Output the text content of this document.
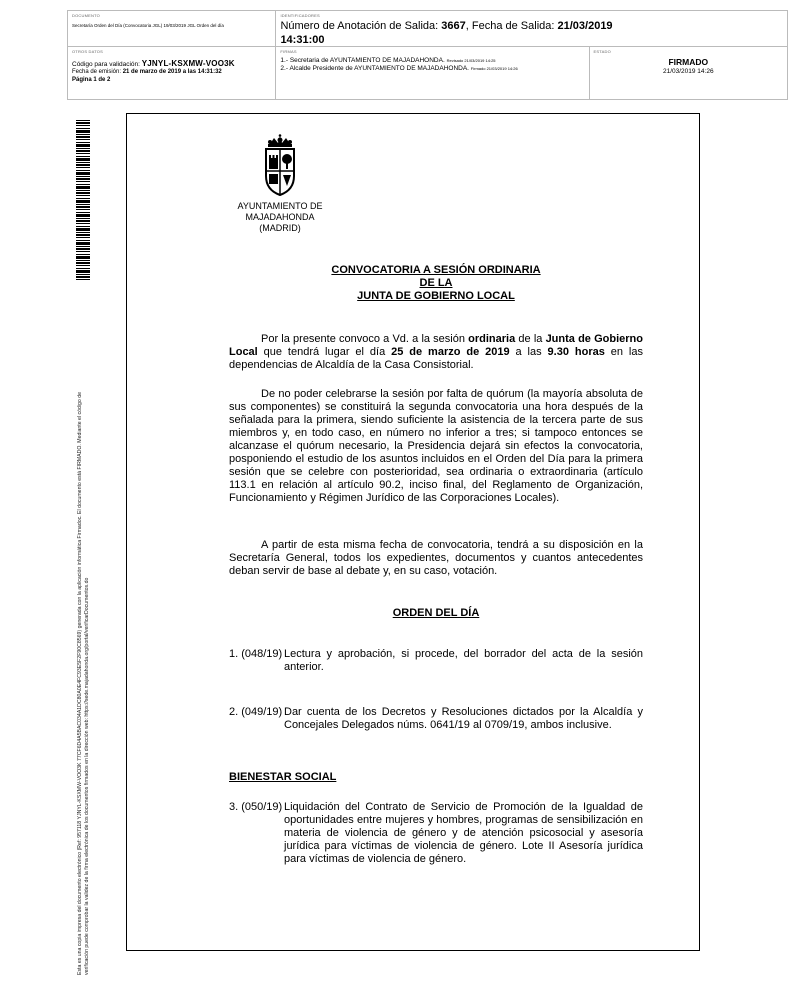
DOCUMENTO
Secretaría Orden del Día (Convocatoria JGL) 19/03/2019 JGL Orden del día
IDENTIFICADORES
Número de Anotación de Salida: 3667, Fecha de Salida: 21/03/2019
14:31:00
OTROS DATOS
Código para validación: YJNYL-KSXMW-VOO3K
Fecha de emisión: 21 de marzo de 2019 a las 14:31:32
Página 1 de 2
FIRMAS
1.- Secretaria de AYUNTAMIENTO DE MAJADAHONDA. Revisado 21/03/2019 14:25
2.- Alcalde Presidente de AYUNTAMIENTO DE MAJADAHONDA. Firmado 21/03/2019 14:26
ESTADO
FIRMADO
21/03/2019 14:26
Esta es una copia impresa del documento electrónico (Ref: 957118 YJNYL-KSXMW-VOO3K 77CF6D4A5BAC034A1DC80A0E4FC93E5F2F90C8569) generada con la aplicación informática Firmadoc. El documento está FIRMADO. Mediante el código de verificación puede comprobar la validez de la firma electrónica de los documentos firmados en la dirección web: https://sede.majadahonda.org/portal/verificarDocumentos.do
AYUNTAMIENTO DE
MAJADAHONDA
(MADRID)
CONVOCATORIA A SESIÓN ORDINARIA
DE LA
JUNTA DE GOBIERNO LOCAL
Por la presente convoco a Vd. a la sesión ordinaria de la Junta de Gobierno Local que tendrá lugar el día 25 de marzo de 2019 a las 9.30 horas en las dependencias de Alcaldía de la Casa Consistorial.
De no poder celebrarse la sesión por falta de quórum (la mayoría absoluta de sus componentes) se constituirá la segunda convocatoria una hora después de la señalada para la primera, siendo suficiente la asistencia de la tercera parte de sus miembros y, en todo caso, en número no inferior a tres; si tampoco entonces se alcanzase el quórum necesario, la Presidencia dejará sin efectos la convocatoria, posponiendo el estudio de los asuntos incluidos en el Orden del Día para la primera sesión que se celebre con posterioridad, sea ordinaria o extraordinaria (artículo 113.1 en relación al artículo 90.2, inciso final, del Reglamento de Organización, Funcionamiento y Régimen Jurídico de las Corporaciones Locales).
A partir de esta misma fecha de convocatoria, tendrá a su disposición en la Secretaría General, todos los expedientes, documentos y cuantos antecedentes deban servir de base al debate y, en su caso, votación.
ORDEN DEL DÍA
1. (048/19) Lectura y aprobación, si procede, del borrador del acta de la sesión anterior.
2. (049/19) Dar cuenta de los Decretos y Resoluciones dictados por la Alcaldía y Concejales Delegados núms. 0641/19 al 0709/19, ambos inclusive.
BIENESTAR SOCIAL
3. (050/19) Liquidación del Contrato de Servicio de Promoción de la Igualdad de oportunidades entre mujeres y hombres, programas de sensibilización en materia de violencia de género y de atención psicosocial y asesoría jurídica para víctimas de violencia de género. Lote II Asesoría jurídica para víctimas de violencia de género.
